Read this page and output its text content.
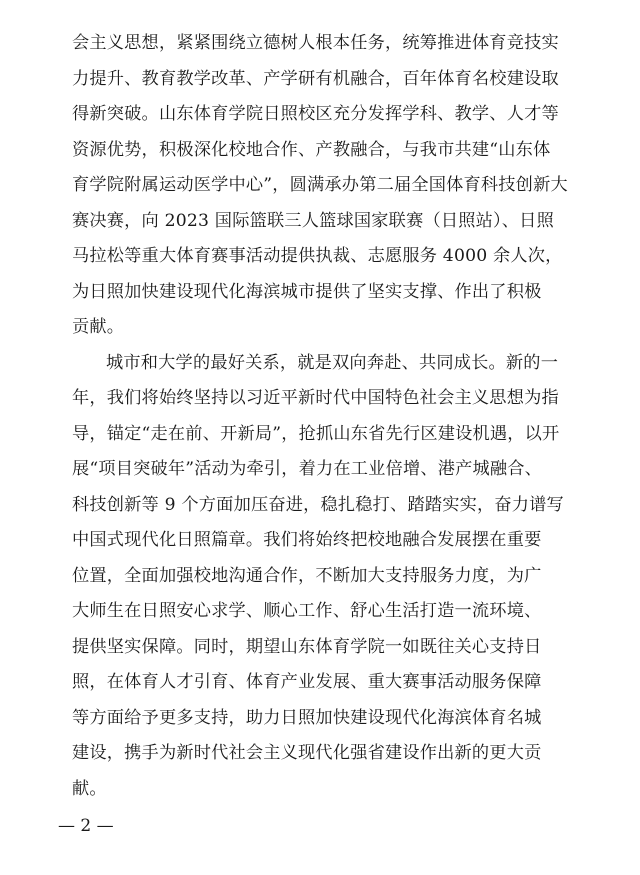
会主义思想，紧紧围绕立德树人根本任务，统筹推进体育竞技实
力提升、教育教学改革、产学研有机融合，百年体育名校建设取
得新突破。山东体育学院日照校区充分发挥学科、教学、人才等
资源优势，积极深化校地合作、产教融合，与我市共建“山东体
育学院附属运动医学中心”，圆满承办第二届全国体育科技创新大
赛决赛，向 2023 国际篮联三人篮球国家联赛（日照站）、日照
马拉松等重大体育赛事活动提供执裁、志愿服务 4000 余人次，
为日照加快建设现代化海滨城市提供了坚实支撑、作出了积极
贡献。
城市和大学的最好关系，就是双向奔赴、共同成长。新的一
年，我们将始终坚持以习近平新时代中国特色社会主义思想为指
导，锚定“走在前、开新局”，抢抓山东省先行区建设机遇，以开
展“项目突破年”活动为牵引，着力在工业倍增、港产城融合、
科技创新等 9 个方面加压奋进，稳扎稳打、踏踏实实，奋力谱写
中国式现代化日照篇章。我们将始终把校地融合发展摆在重要
位置，全面加强校地沟通合作，不断加大支持服务力度，为广
大师生在日照安心求学、顺心工作、舒心生活打造一流环境、
提供坚实保障。同时，期望山东体育学院一如既往关心支持日
照，在体育人才引育、体育产业发展、重大赛事活动服务保障
等方面给予更多支持，助力日照加快建设现代化海滨体育名城
建设，携手为新时代社会主义现代化强省建设作出新的更大贡
献。
— 2 —
